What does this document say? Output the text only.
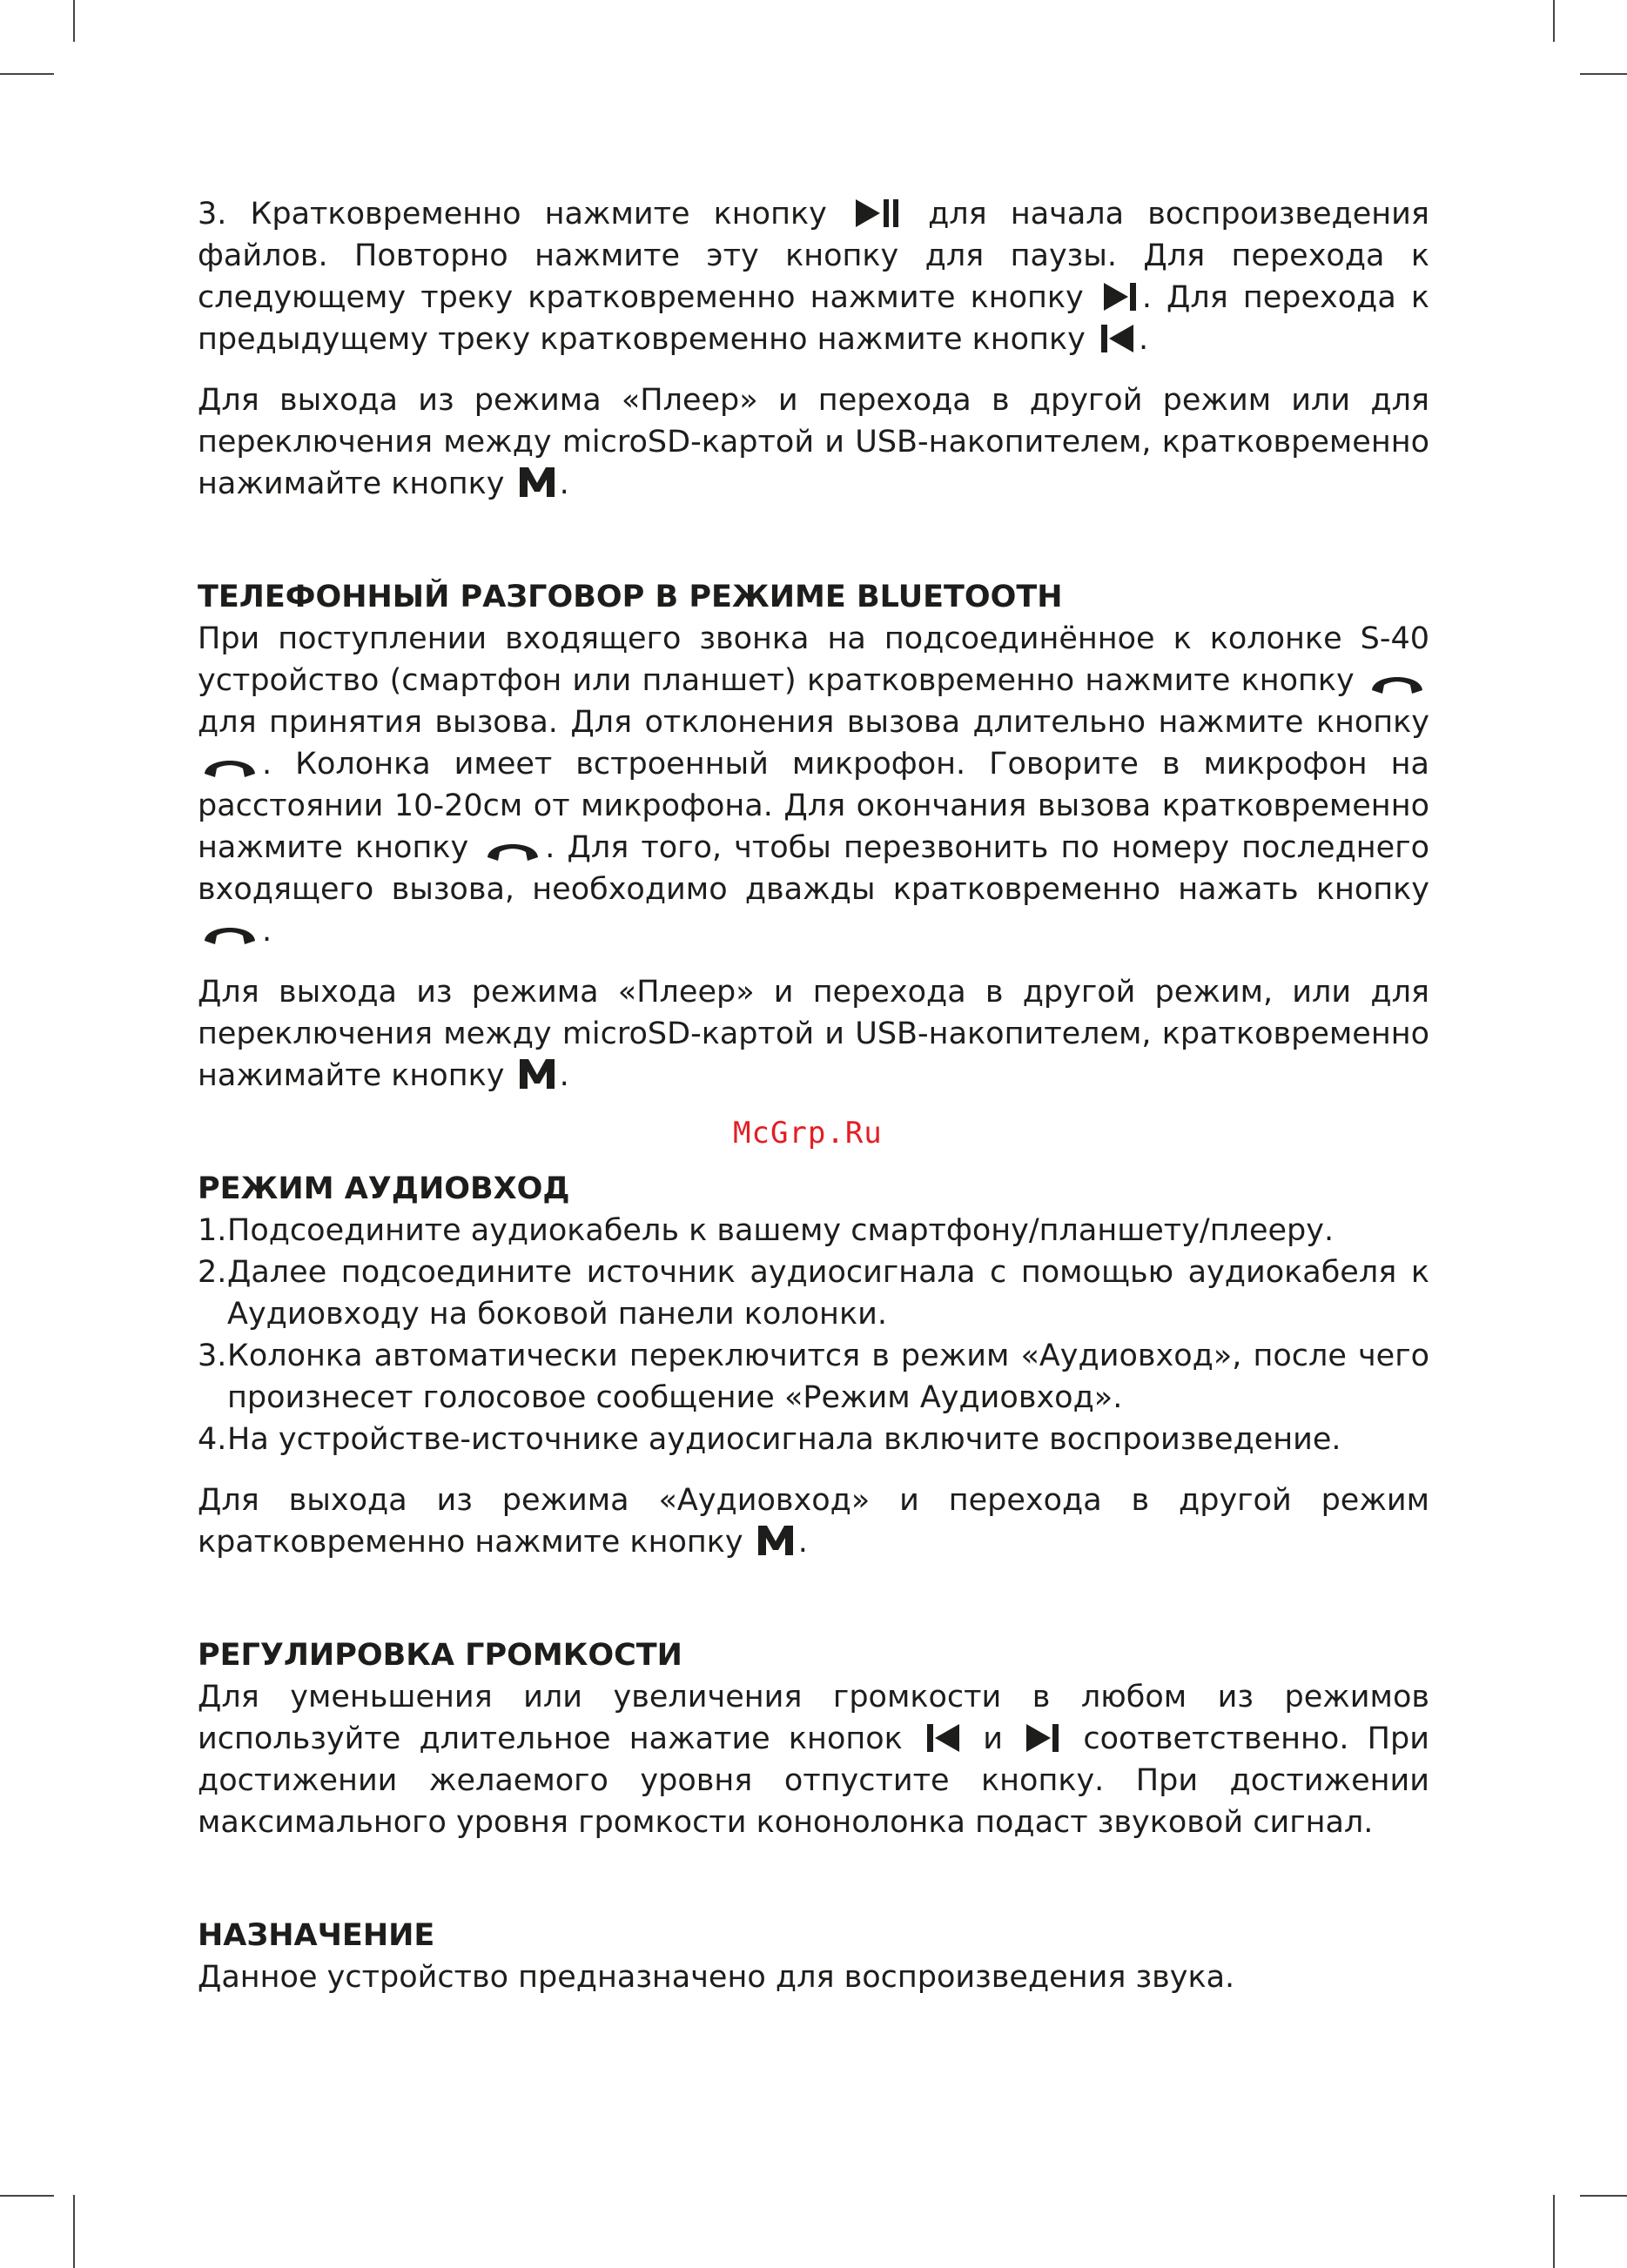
McGrp.Ru

3. Кратковременно нажмите кнопку	для начала воспроизведения файлов. Повторно нажмите эту кнопку для паузы. Для перехода к следующему треку кратковременно нажмите кнопку . Для перехода к предыдущему треку кратковременно нажмите кнопку .

Для выхода из режима «Плеер» и перехода в другой режим или для переключения между microSD-картой и USB-накопителем, кратковременно нажимайте кнопку .

ТЕЛЕФОННЫЙ РАЗГОВОР В РЕЖИМЕ BLUETOOTH

При поступлении входящего звонка на подсоединённое к колонке S-40 устройство (смартфон или планшет) кратковременно нажмите кнопку  для принятия вызова. Для отклонения вызова длительно нажмите кнопку . Колонка имеет встроенный микрофон. Говорите в микрофон на расстоянии 10-20см от микрофона. Для окончания вызова кратковременно нажмите кнопку	. Для того, чтобы перезвонить по номеру последнего входящего вызова, необходимо дважды кратковременно нажать кнопку .

Для выхода из режима «Плеер» и перехода в другой режим, или для переключения между microSD-картой и USB-накопителем, кратковременно нажимайте кнопку .

РЕЖИМ АУДИОВХОД

1. Подсоедините аудиокабель к вашему смартфону/планшету/плееру.
2. Далее подсоедините источник аудиосигнала с помощью аудиокабеля к Аудиовходу на боковой панели колонки.
3. Колонка автоматически переключится в режим «Аудиовход», после чего произнесет голосовое сообщение «Режим Аудиовход».
4. На устройстве-источнике аудиосигнала включите воспроизведение.

Для выхода из режима «Аудиовход» и перехода в другой режим кратковременно нажмите кнопку .

РЕГУЛИРОВКА ГРОМКОСТИ

Для уменьшения или увеличения громкости в любом из режимов используйте длительное нажатие кнопок	и	соответственно. При достижении желаемого уровня отпустите кнопку. При достижении максимального уровня громкости кононолонка подаст звуковой сигнал.

НАЗНАЧЕНИЕ

Данное устройство предназначено для воспроизведения звука.
